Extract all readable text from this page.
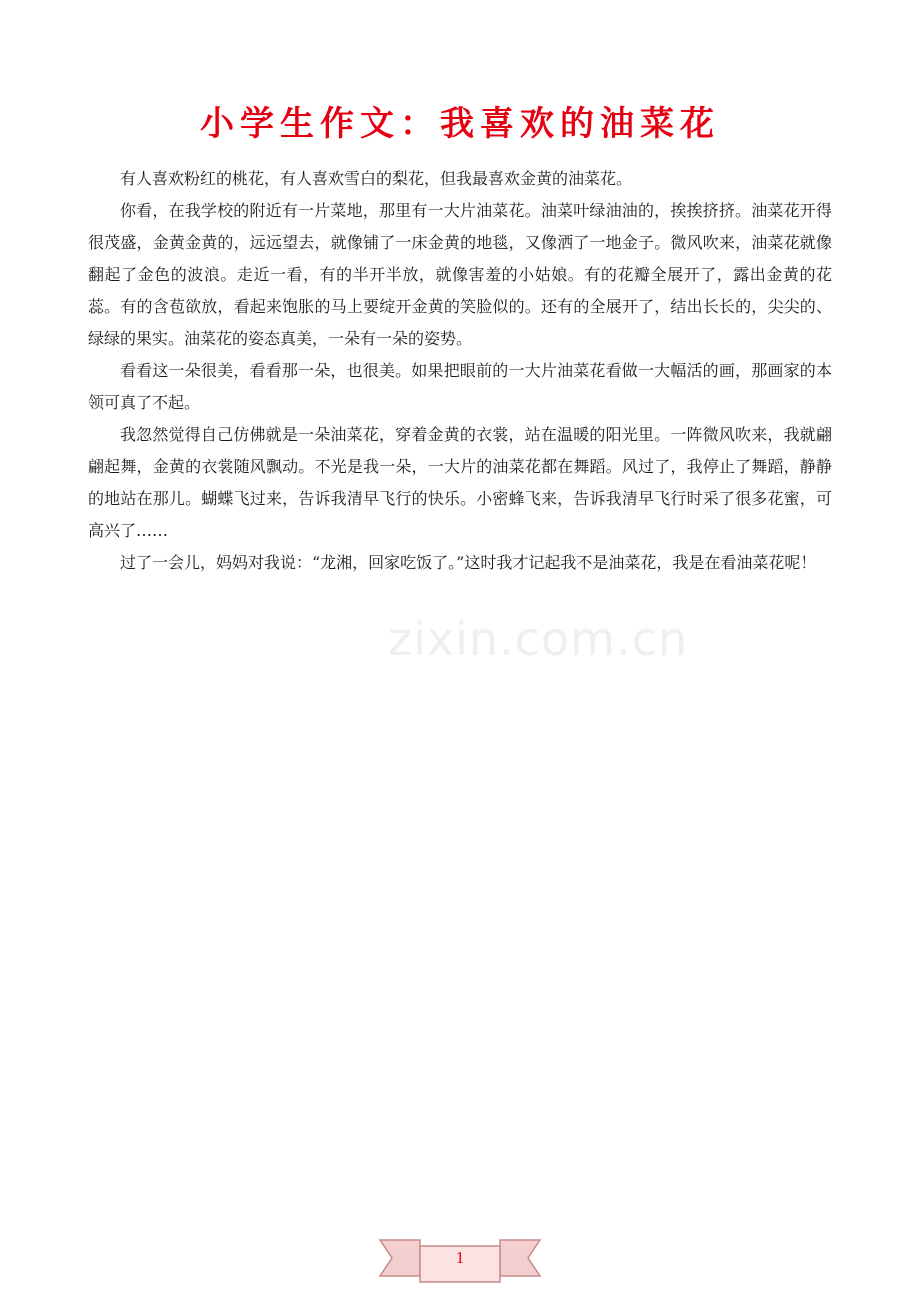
小学生作文：我喜欢的油菜花

有人喜欢粉红的桃花，有人喜欢雪白的梨花，但我最喜欢金黄的油菜花。

你看，在我学校的附近有一片菜地，那里有一大片油菜花。油菜叶绿油油的，挨挨挤挤。油菜花开得很茂盛，金黄金黄的，远远望去，就像铺了一床金黄的地毯，又像洒了一地金子。微风吹来，油菜花就像翻起了金色的波浪。走近一看，有的半开半放，就像害羞的小姑娘。有的花瓣全展开了，露出金黄的花蕊。有的含苞欲放，看起来饱胀的马上要绽开金黄的笑脸似的。还有的全展开了，结出长长的，尖尖的、绿绿的果实。油菜花的姿态真美，一朵有一朵的姿势。

看看这一朵很美，看看那一朵，也很美。如果把眼前的一大片油菜花看做一大幅活的画，那画家的本领可真了不起。

我忽然觉得自己仿佛就是一朵油菜花，穿着金黄的衣裳，站在温暖的阳光里。一阵微风吹来，我就翩翩起舞，金黄的衣裳随风飘动。不光是我一朵，一大片的油菜花都在舞蹈。风过了，我停止了舞蹈，静静的地站在那儿。蝴蝶飞过来，告诉我清早飞行的快乐。小密蜂飞来，告诉我清早飞行时采了很多花蜜，可高兴了……

过了一会儿，妈妈对我说：“龙湘，回家吃饭了。”这时我才记起我不是油菜花，我是在看油菜花呢！

zixin.com.cn
1
